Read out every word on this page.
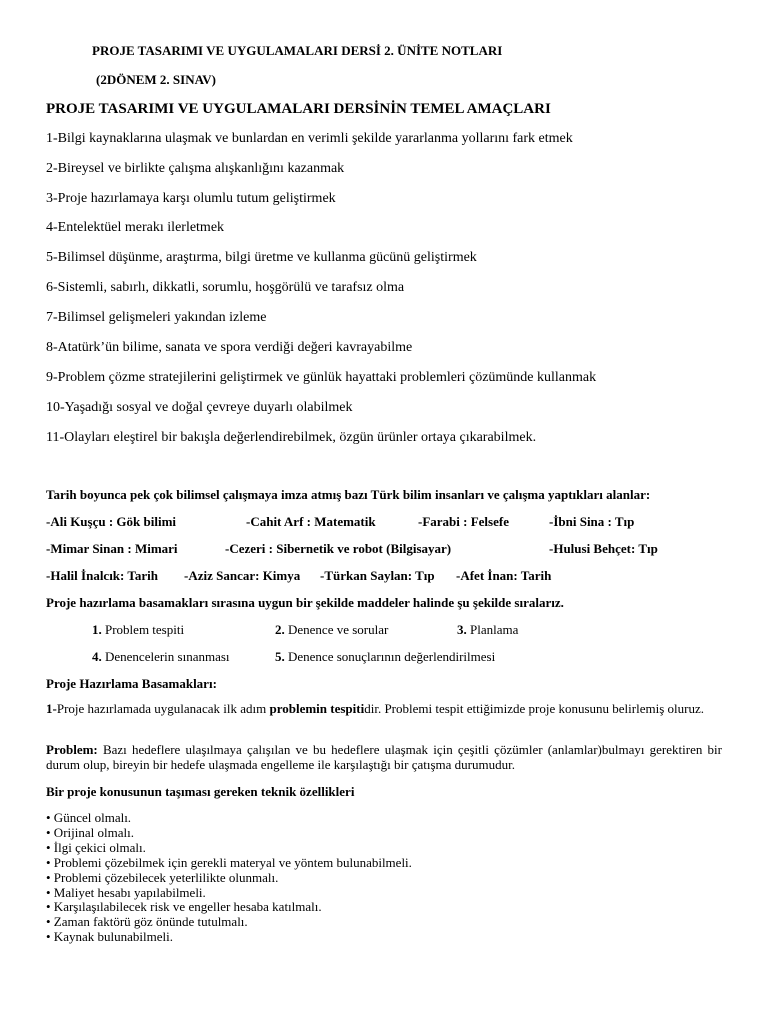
PROJE TASARIMI VE UYGULAMALARI DERSİ 2. ÜNİTE NOTLARI
(2DÖNEM 2. SINAV)
PROJE TASARIMI VE UYGULAMALARI DERSİNİN TEMEL AMAÇLARI
1-Bilgi kaynaklarına ulaşmak ve bunlardan en verimli şekilde yararlanma yollarını fark etmek
2-Bireysel ve birlikte çalışma alışkanlığını kazanmak
3-Proje hazırlamaya karşı olumlu tutum geliştirmek
4-Entelektüel merakı ilerletmek
5-Bilimsel düşünme, araştırma, bilgi üretme ve kullanma gücünü geliştirmek
6-Sistemli, sabırlı, dikkatli, sorumlu, hoşgörülü ve tarafsız olma
7-Bilimsel gelişmeleri yakından izleme
8-Atatürk’ün bilime, sanata ve spora verdiği değeri kavrayabilme
9-Problem çözme stratejilerini geliştirmek ve günlük hayattaki problemleri çözümünde kullanmak
10-Yaşadığı sosyal ve doğal çevreye duyarlı olabilmek
11-Olayları eleştirel bir bakışla değerlendirebilmek, özgün ürünler ortaya çıkarabilmek.
Tarih boyunca pek çok bilimsel çalışmaya imza atmış bazı Türk bilim insanları ve çalışma yaptıkları alanlar:
-Ali Kuşçu : Gök bilimi	-Cahit Arf : Matematik	-Farabi : Felsefe	-İbni Sina : Tıp
-Mimar Sinan : Mimari	-Cezeri : Sibernetik ve robot (Bilgisayar)	-Hulusi Behçet: Tıp
-Halil İnalcık: Tarih -Aziz Sancar: Kimya -Türkan Saylan: Tıp -Afet İnan: Tarih
Proje hazırlama basamakları sırasına uygun bir şekilde maddeler halinde şu şekilde sıralarız.
1. Problem tespiti	2. Denence ve sorular	3. Planlama
4. Denencelerin sınanması	5. Denence sonuçlarının değerlendirilmesi
Proje Hazırlama Basamakları:
1-Proje hazırlamada uygulanacak ilk adım problemin tespitidir. Problemi tespit ettiğimizde proje konusunu belirlemiş oluruz.
Problem: Bazı hedeflere ulaşılmaya çalışılan ve bu hedeflere ulaşmak için çeşitli çözümler (anlamlar)bulmayı gerektiren bir durum olup, bireyin bir hedefe ulaşmada engelleme ile karşılaştığı bir çatışma durumudur.
Bir proje konusunun taşıması gereken teknik özellikleri
• Güncel olmalı.
• Orijinal olmalı.
• İlgi çekici olmalı.
• Problemi çözebilmek için gerekli materyal ve yöntem bulunabilmeli.
• Problemi çözebilecek yeterlilikte olunmalı.
• Maliyet hesabı yapılabilmeli.
• Karşılaşılabilecek risk ve engeller hesaba katılmalı.
• Zaman faktörü göz önünde tutulmalı.
• Kaynak bulunabilmeli.
